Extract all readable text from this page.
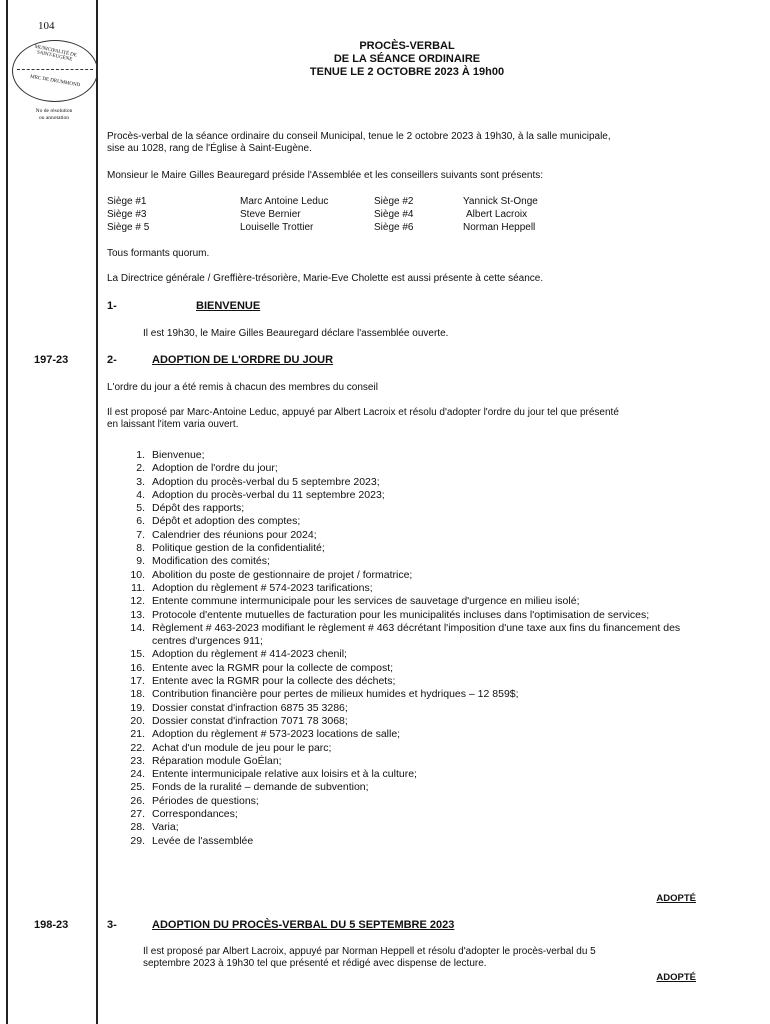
104
MUNICIPALITÉ DE SAINT-EUGÈNE
MRC DE DRUMMOND
No de résolution
ou annotation
PROCÈS-VERBAL
DE LA SÉANCE ORDINAIRE
TENUE LE 2 OCTOBRE 2023 À 19h00
Procès-verbal de la séance ordinaire du conseil Municipal, tenue le 2 octobre 2023 à 19h30, à la salle municipale,
sise au 1028, rang de l'Église à Saint-Eugène.
Monsieur le Maire Gilles Beauregard préside l'Assemblée et les conseillers suivants sont présents:
Siège #1	Marc Antoine Leduc	Siège #2	Yannick St-Onge
Siège #3	Steve Bernier	Siège #4	Albert Lacroix
Siège # 5	Louiselle Trottier	Siège #6	Norman Heppell
Tous formants quorum.
La Directrice générale / Greffière-trésorière, Marie-Eve Cholette est aussi présente à cette séance.
1-	BIENVENUE
Il est 19h30, le Maire Gilles Beauregard déclare l'assemblée ouverte.
197-23	2-	ADOPTION DE L'ORDRE DU JOUR
L'ordre du jour a été remis à chacun des membres du conseil
Il est proposé par Marc-Antoine Leduc, appuyé par Albert Lacroix et résolu d'adopter l'ordre du jour tel que présenté
en laissant l'item varia ouvert.
1. Bienvenue;
2. Adoption de l'ordre du jour;
3. Adoption du procès-verbal du 5 septembre 2023;
4. Adoption du procès-verbal du 11 septembre 2023;
5. Dépôt des rapports;
6. Dépôt et adoption des comptes;
7. Calendrier des réunions pour 2024;
8. Politique gestion de la confidentialité;
9. Modification des comités;
10. Abolition du poste de gestionnaire de projet / formatrice;
11. Adoption du règlement # 574-2023 tarifications;
12. Entente commune intermunicipale pour les services de sauvetage d'urgence en milieu isolé;
13. Protocole d'entente mutuelles de facturation pour les municipalités incluses dans l'optimisation de services;
14. Règlement # 463-2023 modifiant le règlement # 463 décrétant l'imposition d'une taxe aux fins du financement des centres d'urgences 911;
15. Adoption du règlement # 414-2023 chenil;
16. Entente avec la RGMR pour la collecte de compost;
17. Entente avec la RGMR pour la collecte des déchets;
18. Contribution financière pour pertes de milieux humides et hydriques – 12 859$;
19. Dossier constat d'infraction 6875 35 3286;
20. Dossier constat d'infraction 7071 78 3068;
21. Adoption du règlement # 573-2023 locations de salle;
22. Achat d'un module de jeu pour le parc;
23. Réparation module GoÉlan;
24. Entente intermunicipale relative aux loisirs et à la culture;
25. Fonds de la ruralité – demande de subvention;
26. Périodes de questions;
27. Correspondances;
28. Varia;
29. Levée de l'assemblée
ADOPTÉ
198-23	3-	ADOPTION DU PROCÈS-VERBAL DU 5 SEPTEMBRE 2023
Il est proposé par Albert Lacroix, appuyé par Norman Heppell et résolu d'adopter le procès-verbal du 5
septembre 2023 à 19h30 tel que présenté et rédigé avec dispense de lecture.
ADOPTÉ
